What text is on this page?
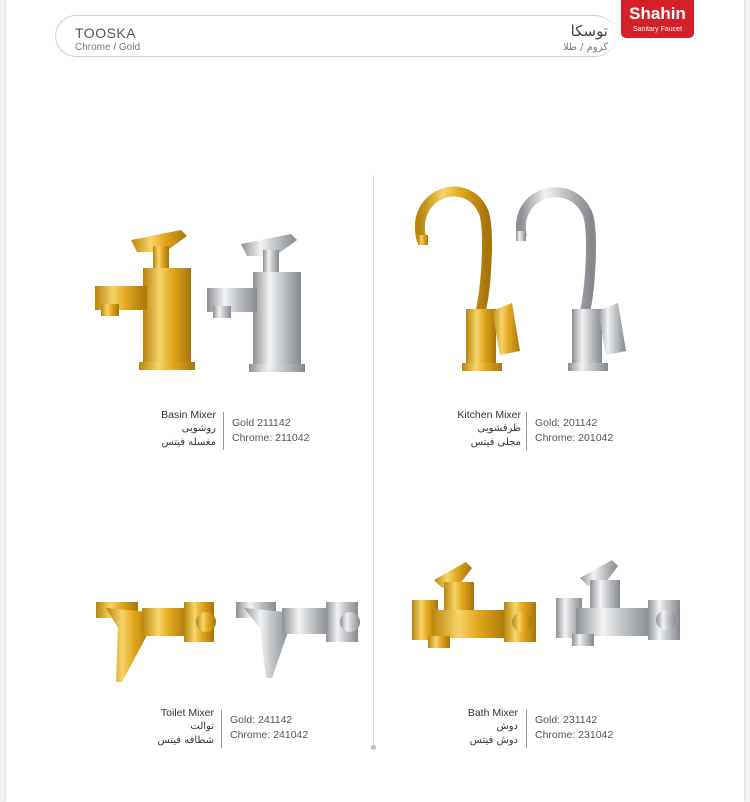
TOOSKA
Chrome / Gold
توسکا
کروم / طلا
Shahin
Sanitary Faucet
Basin Mixer
روشویی
مغسله فیتس
Gold 211142
Chrome: 211042
Kitchen Mixer
ظرفشویی
مجلی فیتس
Gold: 201142
Chrome: 201042
Toilet Mixer
توالت
شطافه فیتس
Gold: 241142
Chrome: 241042
Bath Mixer
دوش
دوش فیتس
Gold: 231142
Chrome: 231042
